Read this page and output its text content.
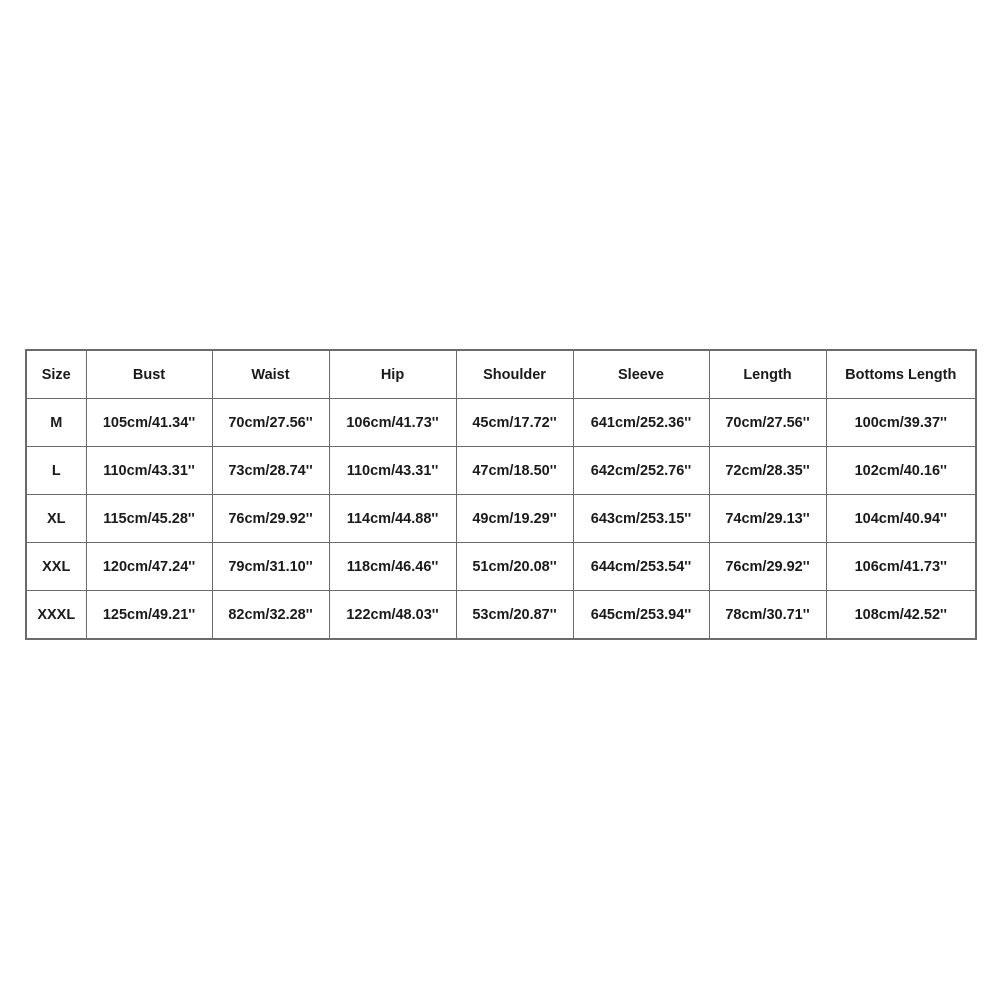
Size	Bust	Waist	Hip	Shoulder	Sleeve	Length	Bottoms Length
M	105cm/41.34''	70cm/27.56''	106cm/41.73''	45cm/17.72''	641cm/252.36''	70cm/27.56''	100cm/39.37''
L	110cm/43.31''	73cm/28.74''	110cm/43.31''	47cm/18.50''	642cm/252.76''	72cm/28.35''	102cm/40.16''
XL	115cm/45.28''	76cm/29.92''	114cm/44.88''	49cm/19.29''	643cm/253.15''	74cm/29.13''	104cm/40.94''
XXL	120cm/47.24''	79cm/31.10''	118cm/46.46''	51cm/20.08''	644cm/253.54''	76cm/29.92''	106cm/41.73''
XXXL	125cm/49.21''	82cm/32.28''	122cm/48.03''	53cm/20.87''	645cm/253.94''	78cm/30.71''	108cm/42.52''
